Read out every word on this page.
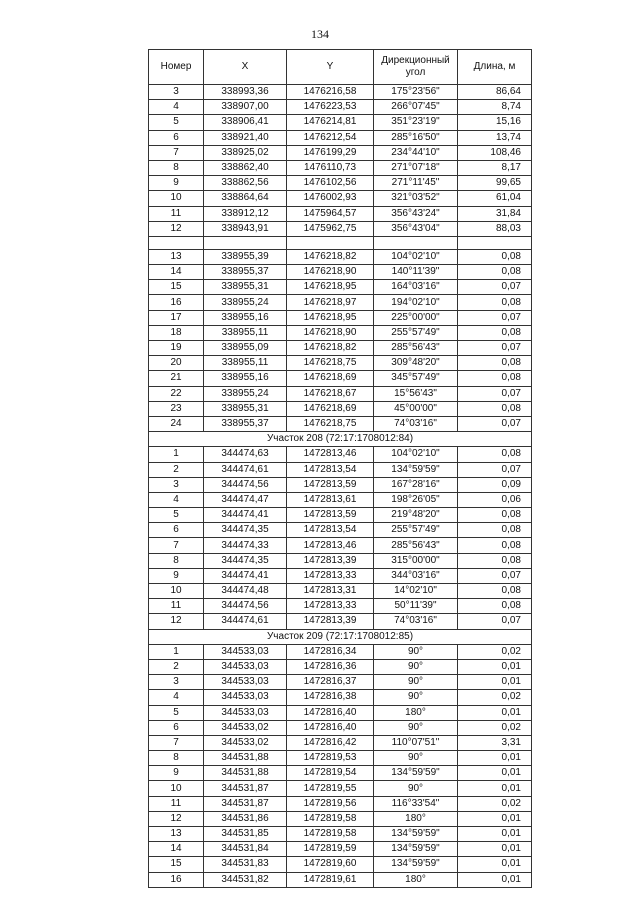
134
Номер	X	Y	Дирекционный угол	Длина, м
3	338993,36	1476216,58	175°23'56"	86,64
4	338907,00	1476223,53	266°07'45"	8,74
5	338906,41	1476214,81	351°23'19"	15,16
6	338921,40	1476212,54	285°16'50"	13,74
7	338925,02	1476199,29	234°44'10"	108,46
8	338862,40	1476110,73	271°07'18"	8,17
9	338862,56	1476102,56	271°11'45"	99,65
10	338864,64	1476002,93	321°03'52"	61,04
11	338912,12	1475964,57	356°43'24"	31,84
12	338943,91	1475962,75	356°43'04"	88,03

13	338955,39	1476218,82	104°02'10"	0,08
14	338955,37	1476218,90	140°11'39"	0,08
15	338955,31	1476218,95	164°03'16"	0,07
16	338955,24	1476218,97	194°02'10"	0,08
17	338955,16	1476218,95	225°00'00"	0,07
18	338955,11	1476218,90	255°57'49"	0,08
19	338955,09	1476218,82	285°56'43"	0,07
20	338955,11	1476218,75	309°48'20"	0,08
21	338955,16	1476218,69	345°57'49"	0,08
22	338955,24	1476218,67	15°56'43"	0,07
23	338955,31	1476218,69	45°00'00"	0,08
24	338955,37	1476218,75	74°03'16"	0,07
Участок 208 (72:17:1708012:84)				
1	344474,63	1472813,46	104°02'10"	0,08
2	344474,61	1472813,54	134°59'59"	0,07
3	344474,56	1472813,59	167°28'16"	0,09
4	344474,47	1472813,61	198°26'05"	0,06
5	344474,41	1472813,59	219°48'20"	0,08
6	344474,35	1472813,54	255°57'49"	0,08
7	344474,33	1472813,46	285°56'43"	0,08
8	344474,35	1472813,39	315°00'00"	0,08
9	344474,41	1472813,33	344°03'16"	0,07
10	344474,48	1472813,31	14°02'10"	0,08
11	344474,56	1472813,33	50°11'39"	0,08
12	344474,61	1472813,39	74°03'16"	0,07
Участок 209 (72:17:1708012:85)				
1	344533,03	1472816,34	90°	0,02
2	344533,03	1472816,36	90°	0,01
3	344533,03	1472816,37	90°	0,01
4	344533,03	1472816,38	90°	0,02
5	344533,03	1472816,40	180°	0,01
6	344533,02	1472816,40	90°	0,02
7	344533,02	1472816,42	110°07'51"	3,31
8	344531,88	1472819,53	90°	0,01
9	344531,88	1472819,54	134°59'59"	0,01
10	344531,87	1472819,55	90°	0,01
11	344531,87	1472819,56	116°33'54"	0,02
12	344531,86	1472819,58	180°	0,01
13	344531,85	1472819,58	134°59'59"	0,01
14	344531,84	1472819,59	134°59'59"	0,01
15	344531,83	1472819,60	134°59'59"	0,01
16	344531,82	1472819,61	180°	0,01
